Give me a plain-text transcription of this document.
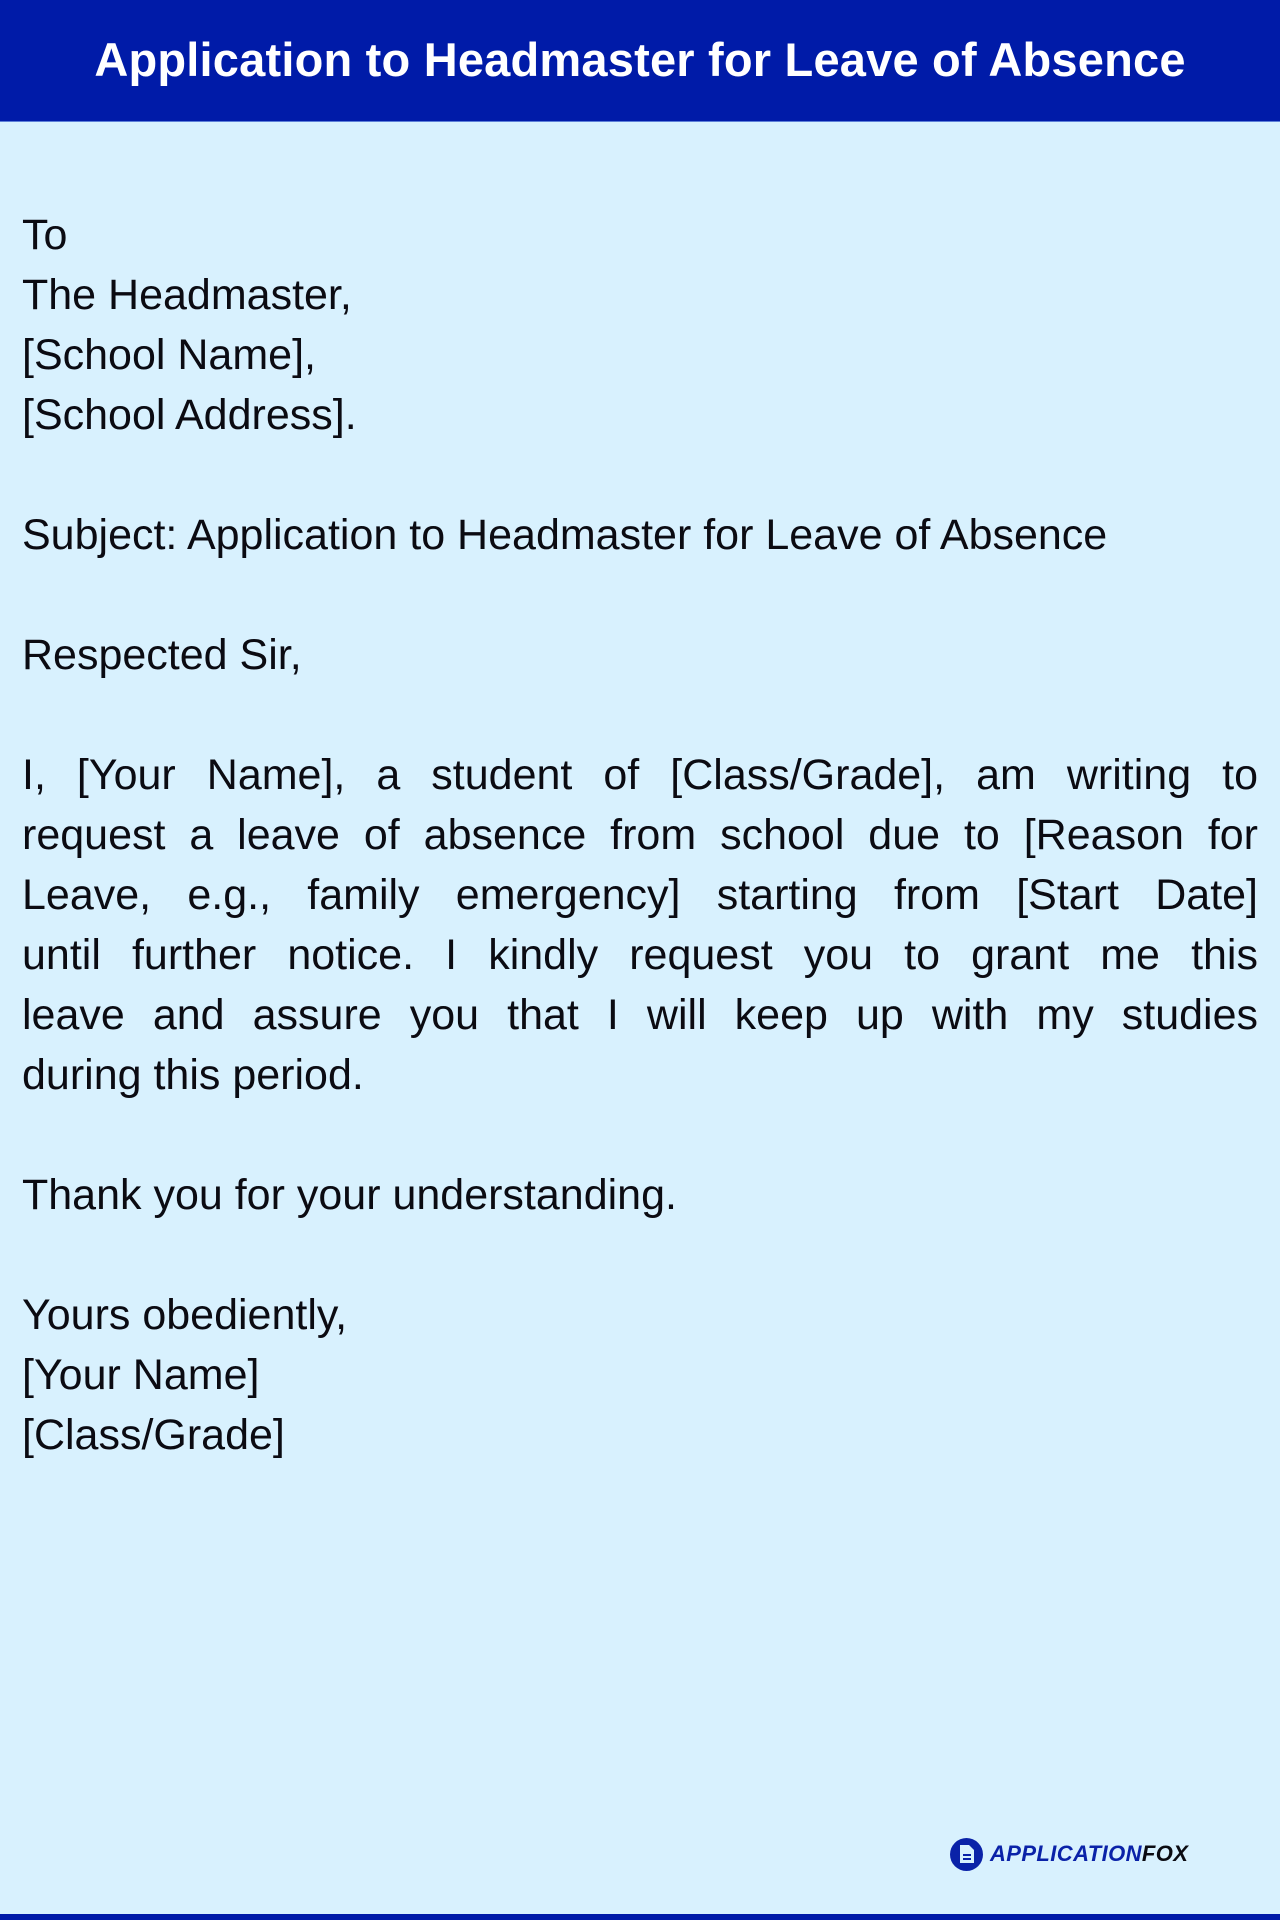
Application to Headmaster for Leave of Absence
To
The Headmaster,
[School Name],
[School Address].
Subject: Application to Headmaster for Leave of Absence
Respected Sir,
I, [Your Name], a student of [Class/Grade], am writing to
request a leave of absence from school due to [Reason for
Leave, e.g., family emergency] starting from [Start Date]
until further notice. I kindly request you to grant me this
leave and assure you that I will keep up with my studies
during this period.
Thank you for your understanding.
Yours obediently,
[Your Name]
[Class/Grade]
APPLICATIONFOX
